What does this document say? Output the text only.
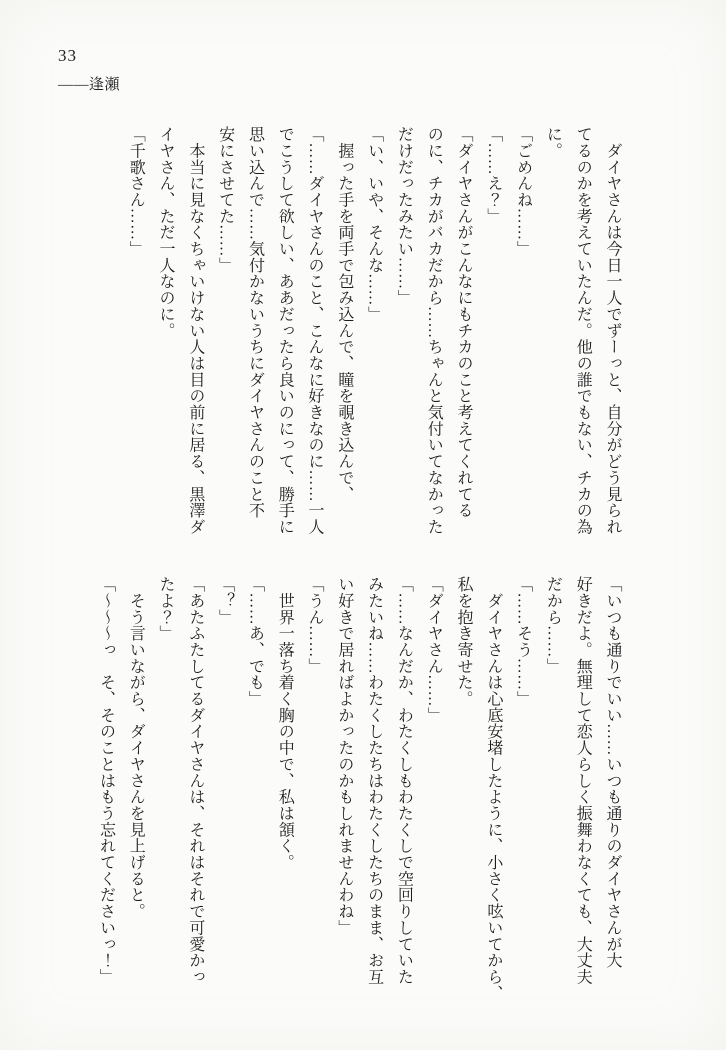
33
——逢瀬

　ダイヤさんは今日一人でずーっと、自分がどう見られ

てるのかを考えていたんだ。他の誰でもない、チカの為

に。

「ごめんね……」

「……え？」

「ダイヤさんがこんなにもチカのこと考えてくれてる

のに、チカがバカだから……ちゃんと気付いてなかった

だけだったみたい……」

「い、いや、そんな……」

　握った手を両手で包み込んで、瞳を覗き込んで、

「……ダイヤさんのこと、こんなに好きなのに……一人

でこうして欲しい、ああだったら良いのにって、勝手に

思い込んで……気付かないうちにダイヤさんのこと不

安にさせてた……」

　本当に見なくちゃいけない人は目の前に居る、黒澤ダ

イヤさん、ただ一人なのに。

「千歌さん……」

「いつも通りでいい……いつも通りのダイヤさんが大

好きだよ。無理して恋人らしく振舞わなくても、大丈夫

だから……」

「……そう……」

　ダイヤさんは心底安堵したように、小さく呟いてから、

私を抱き寄せた。

「ダイヤさん……」

「……なんだか、わたくしもわたくしで空回りしていた

みたいね……わたくしたちはわたくしたちのまま、お互

い好きで居ればよかったのかもしれませんわね」

「うん……」

　世界一落ち着く胸の中で、私は頷く。

「……あ、でも」

「？」

「あたふたしてるダイヤさんは、それはそれで可愛かっ

たよ？」

　そう言いながら、ダイヤさんを見上げると。

「～～～っ　そ、そのことはもう忘れてくださいっ！」
